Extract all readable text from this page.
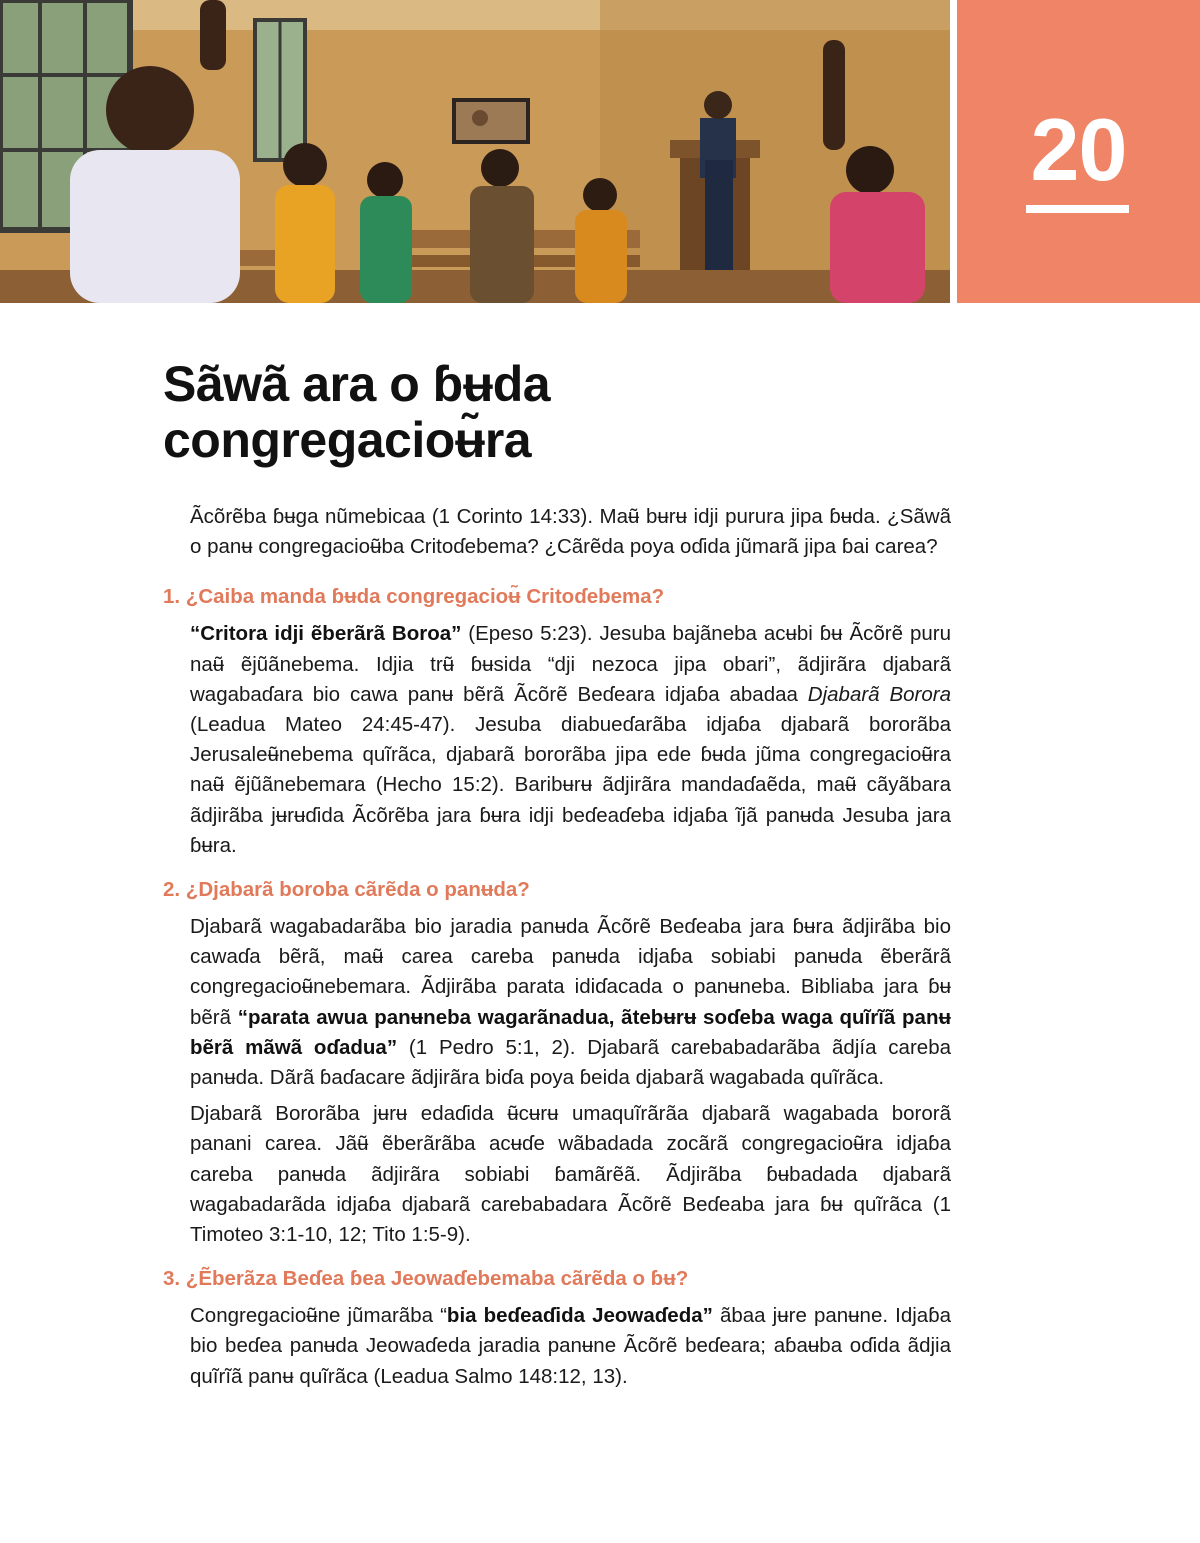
20
Sãwã ara o ɓʉda
congregacioʉ̃ra

Ãcõrẽba ɓʉga nũmebicaa (1 Corinto 14:33). Maʉ̃ bʉrʉ idji purura jipa ɓʉda. ¿Sãwã o panʉ congregacioʉ̃ba Critoɗebema? ¿Cãrẽda poya oɗida jũmarã jipa ɓai carea?

1. ¿Caiba manda ɓʉda congregacioʉ̃ Critoɗebema?

“Critora idji ẽberãrã Boroa” (Epeso 5:23). Jesuba bajãneba acʉbi ɓʉ Ãcõrẽ puru naʉ̃ ẽjũãnebema. Idjia trʉ̃ ɓʉsida “dji nezoca jipa obari”, ãdjirãra djabarã wagabaɗara bio cawa panʉ bẽrã Ãcõrẽ Beɗeara idjaɓa abadaa Djabarã Borora (Leadua Mateo 24:45-47). Jesuba diabueɗarãba idjaɓa djabarã bororãba Jerusaleʉ̃nebema quĩrãca, djabarã bororãba jipa ede ɓʉda jũma congregacioʉ̃ra naʉ̃ ẽjũãnebemara (Hecho 15:2). Baribʉrʉ ãdjirãra mandaɗaẽda, maʉ̃ cãyãbara ãdjirãba jʉrʉɗida Ãcõrẽba jara ɓʉra idji beɗeaɗeba idjaɓa ĩjã panʉda Jesuba jara ɓʉra.

2. ¿Djabarã boroba cãrẽda o panʉda?

Djabarã wagabadarãba bio jaradia panʉda Ãcõrẽ Beɗeaba jara ɓʉra ãdjirãba bio cawaɗa bẽrã, maʉ̃ carea careba panʉda idjaɓa sobiabi panʉda ẽberãrã congregacioʉ̃nebemara. Ãdjirãba parata idiɗacada o panʉneba. Bibliaba jara ɓʉ bẽrã “parata awua panʉneba wagarãnadua, ãtebʉrʉ soɗeba waga quĩrĩã panʉ bẽrã mãwã oɗadua” (1 Pedro 5:1, 2). Djabarã carebabadarãba ãdjía careba panʉda. Dãrã ɓaɗacare ãdjirãra biɗa poya ɓeida djabarã wagabada quĩrãca.

Djabarã Bororãba jʉrʉ edaɗida ʉ̃cʉrʉ umaquĩrãrãa djabarã wagabada bororã panani carea. Jãʉ̃ ẽberãrãba acʉɗe wãbadada zocãrã congregacioʉ̃ra idjaɓa careba panʉda ãdjirãra sobiabi ɓamãrẽã. Ãdjirãba ɓʉbadada djabarã wagabadarãda idjaɓa djabarã carebabadara Ãcõrẽ Beɗeaba jara ɓʉ quĩrãca (1 Timoteo 3:1-10, 12; Tito 1:5-9).

3. ¿Ẽberãza Beɗea ɓea Jeowaɗebemaba cãrẽda o ɓʉ?

Congregacioʉ̃ne jũmarãba “bia beɗeaɗida Jeowaɗeda” ãbaa jʉre panʉne. Idjaɓa bio beɗea panʉda Jeowaɗeda jaradia panʉne Ãcõrẽ beɗeara; aɓaʉba oɗida ãdjia quĩrĩã panʉ quĩrãca (Leadua Salmo 148:12, 13).
